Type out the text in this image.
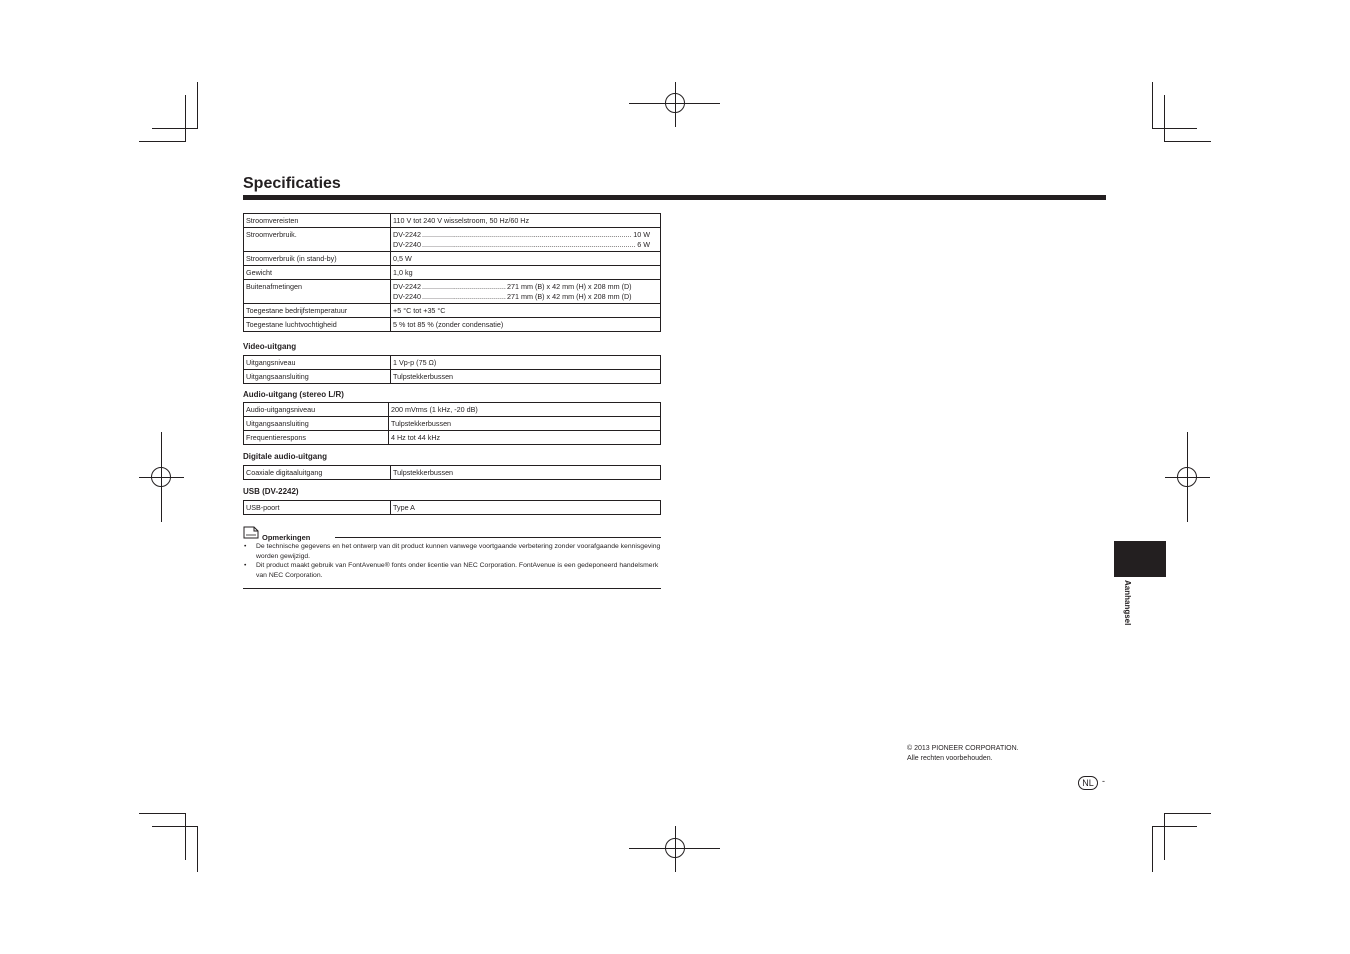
Specificaties
Stroomvereisten	110 V tot 240 V wisselstroom, 50 Hz/60 Hz
Stroomverbruik.	DV-2242 ..... 10 W
DV-2240 ..... 6 W

Stroomverbruik (in stand-by)	0,5 W
Gewicht	1,0 kg
Buitenafmetingen	DV-2242 ..... 271 mm (B) x 42 mm (H) x 208 mm (D)
DV-2240 ..... 271 mm (B) x 42 mm (H) x 208 mm (D)

Toegestane bedrijfstemperatuur	+5 °C tot +35 °C
Toegestane luchtvochtigheid	5 % tot 85 % (zonder condensatie)
Video-uitgang
Uitgangsniveau	1 Vp-p (75 Ω)
Uitgangsaansluiting	Tulpstekkerbussen
Audio-uitgang (stereo L/R)
Audio-uitgangsniveau	200 mVrms (1 kHz, -20 dB)
Uitgangsaansluiting	Tulpstekkerbussen
Frequentierespons	4 Hz tot 44 kHz
Digitale audio-uitgang
Coaxiale digitaaluitgang	Tulpstekkerbussen
USB (DV-2242)
USB-poort	Type A
Opmerkingen
• De technische gegevens en het ontwerp van dit product kunnen vanwege voortgaande verbetering zonder voorafgaande kennisgeving worden gewijzigd.
• Dit product maakt gebruik van FontAvenue® fonts onder licentie van NEC Corporation. FontAvenue is een gedeponeerd handelsmerk van NEC Corporation.
Aanhangsel
© 2013 PIONEER CORPORATION.
Alle rechten voorbehouden.
NL -
